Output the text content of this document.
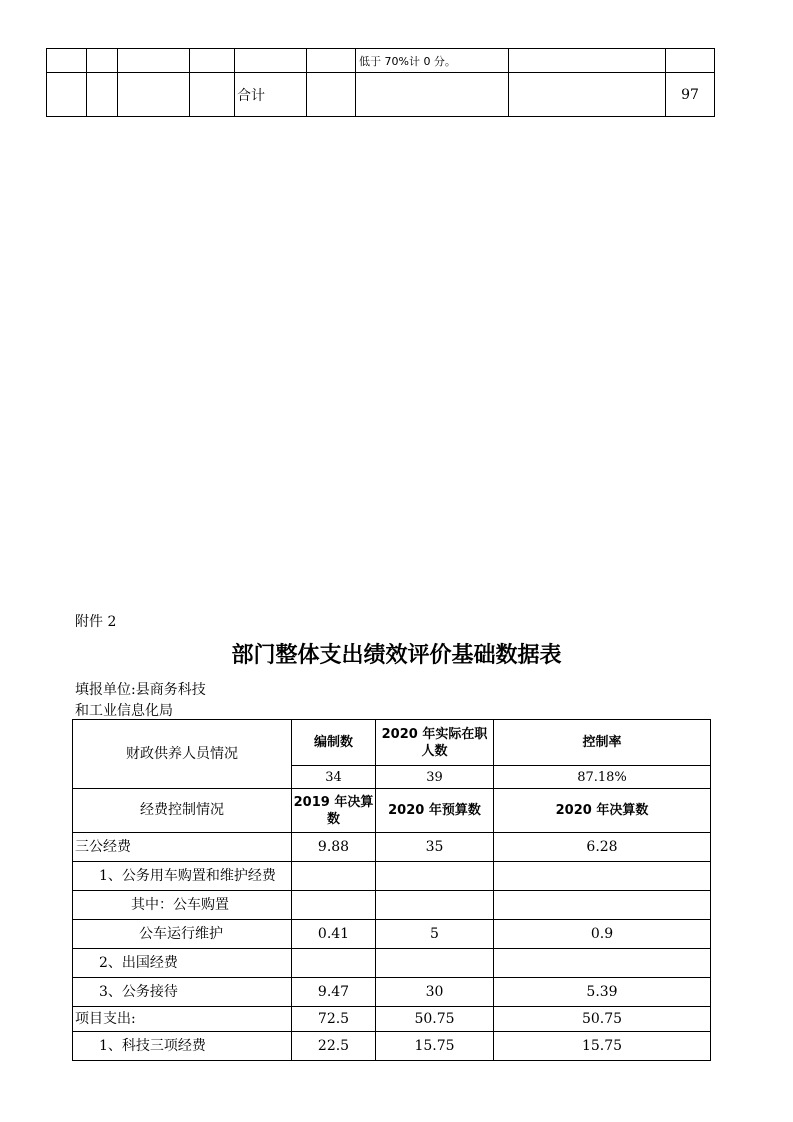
						低于 70%计 0 分。		
				合计				97
附件 2
部门整体支出绩效评价基础数据表
填报单位:县商务科技
和工业信息化局
财政供养人员情况	编制数	2020 年实际在职人数	控制率
	34	39	87.18%
经费控制情况	2019 年决算数	2020 年预算数	2020 年决算数
三公经费	9.88	35	6.28
1、公务用车购置和维护经费			
其中：公车购置			
公车运行维护	0.41	5	0.9
2、出国经费			
3、公务接待	9.47	30	5.39
项目支出:	72.5	50.75	50.75
1、科技三项经费	22.5	15.75	15.75
